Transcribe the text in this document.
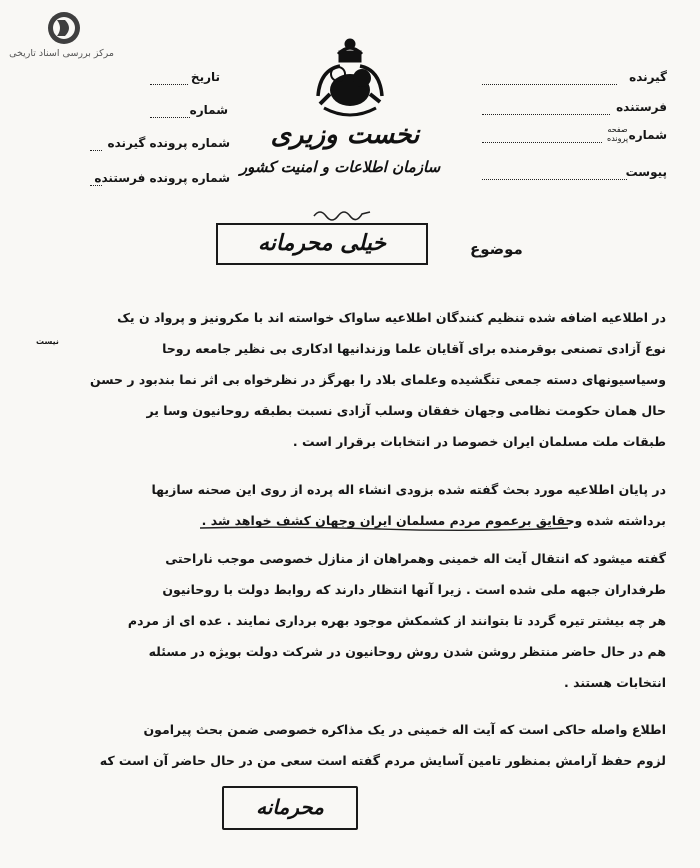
مرکز بررسی اسناد تاریخی
نخست وزیری
سازمان اطلاعات و امنیت کشور
تاریخ
شماره
شماره پرونده گیرنده
شماره پرونده فرستنده
گیرنده
فرستنده
شماره
صفحه
پرونده
پیوست
موضوع
خیلی محرمانه
نیست
در اطلاعیه اضافه شده تنظیم کنندگان اطلاعیه ساواک خواسته اند با مکرونیز و پرواد ن یک
نوع آزادی تصنعی بوقرمنده برای آقایان علما وزندانیها ادکاری بی نظیر جامعه روحا
وسیاسیونهای دسته جمعی تنگشیده وعلمای بلاد را بهرگز در نظرخواه بی اثر نما بندبود ر حسن
حال همان حکومت نظامی وجهان خفقان وسلب آزادی نسبت بطبقه روحانیون وسا یر
طبقات ملت مسلمان ایران خصوصا در انتخابات برقرار است .
در پایان اطلاعیه مورد بحث گفته شده بزودی انشاء اله پرده از روی این صحنه سازیها
برداشته شده وحقایق برعموم مردم مسلمان ایران وجهان کشف خواهد شد .
گفته میشود که انتقال آیت اله خمینی وهمراهان از منازل خصوصی موجب ناراحتی
طرفداران جبهه ملی شده است . زیرا آنها انتظار دارند که روابط دولت با روحانیون
هر چه بیشتر تیره گردد تا بتوانند از کشمکش موجود بهره برداری نمایند . عده ای از مردم
هم در حال حاضر منتظر روشن شدن روش روحانیون در شرکت دولت بویژه در مسئله
انتخابات هستند .
اطلاع واصله حاکی است که آیت اله خمینی در یک مذاکره خصوصی ضمن بحث پیرامون
لزوم حفظ آرامش بمنظور تامین آسایش مردم گفته است سعی من در حال حاضر آن است که
محرمانه
